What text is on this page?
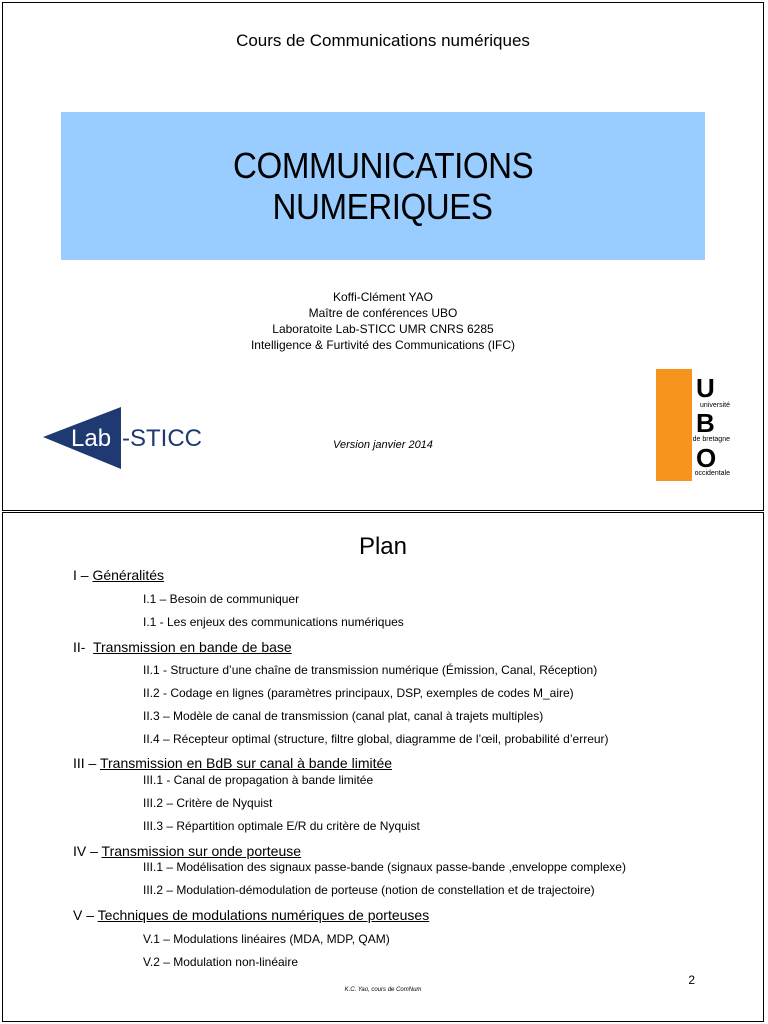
Cours de Communications numériques
COMMUNICATIONS
NUMERIQUES
Koffi-Clément YAO
Maître de conférences UBO
Laboratoite Lab-STICC UMR CNRS 6285
Intelligence & Furtivité des Communications (IFC)
Lab -STICC	Version janvier 2014
U
B
O
université
de bretagne
occidentale
Plan
I – Généralités
I.1 – Besoin de communiquer
I.1 - Les enjeux des communications numériques
II-  Transmission en bande de base
II.1 - Structure d’une chaîne de transmission numérique (Émission, Canal, Réception)
II.2 - Codage en lignes (paramètres principaux, DSP, exemples de codes M_aire)
II.3 – Modèle de canal de transmission (canal plat, canal à trajets multiples)
II.4 – Récepteur optimal (structure, filtre global, diagramme de l’œil, probabilité d’erreur)
III – Transmission en BdB sur canal à bande limitée
III.1 - Canal de propagation à bande limitée
III.2 – Critère de Nyquist
III.3 – Répartition optimale E/R du critère de Nyquist
IV – Transmission sur onde porteuse
III.1 – Modélisation des signaux passe-bande (signaux passe-bande ,enveloppe complexe)
III.2 – Modulation-démodulation de porteuse (notion de constellation et de trajectoire)
V – Techniques de modulations numériques de porteuses
V.1 – Modulations linéaires (MDA, MDP, QAM)
V.2 – Modulation non-linéaire
2
K.C. Yao, cours de ComNum
